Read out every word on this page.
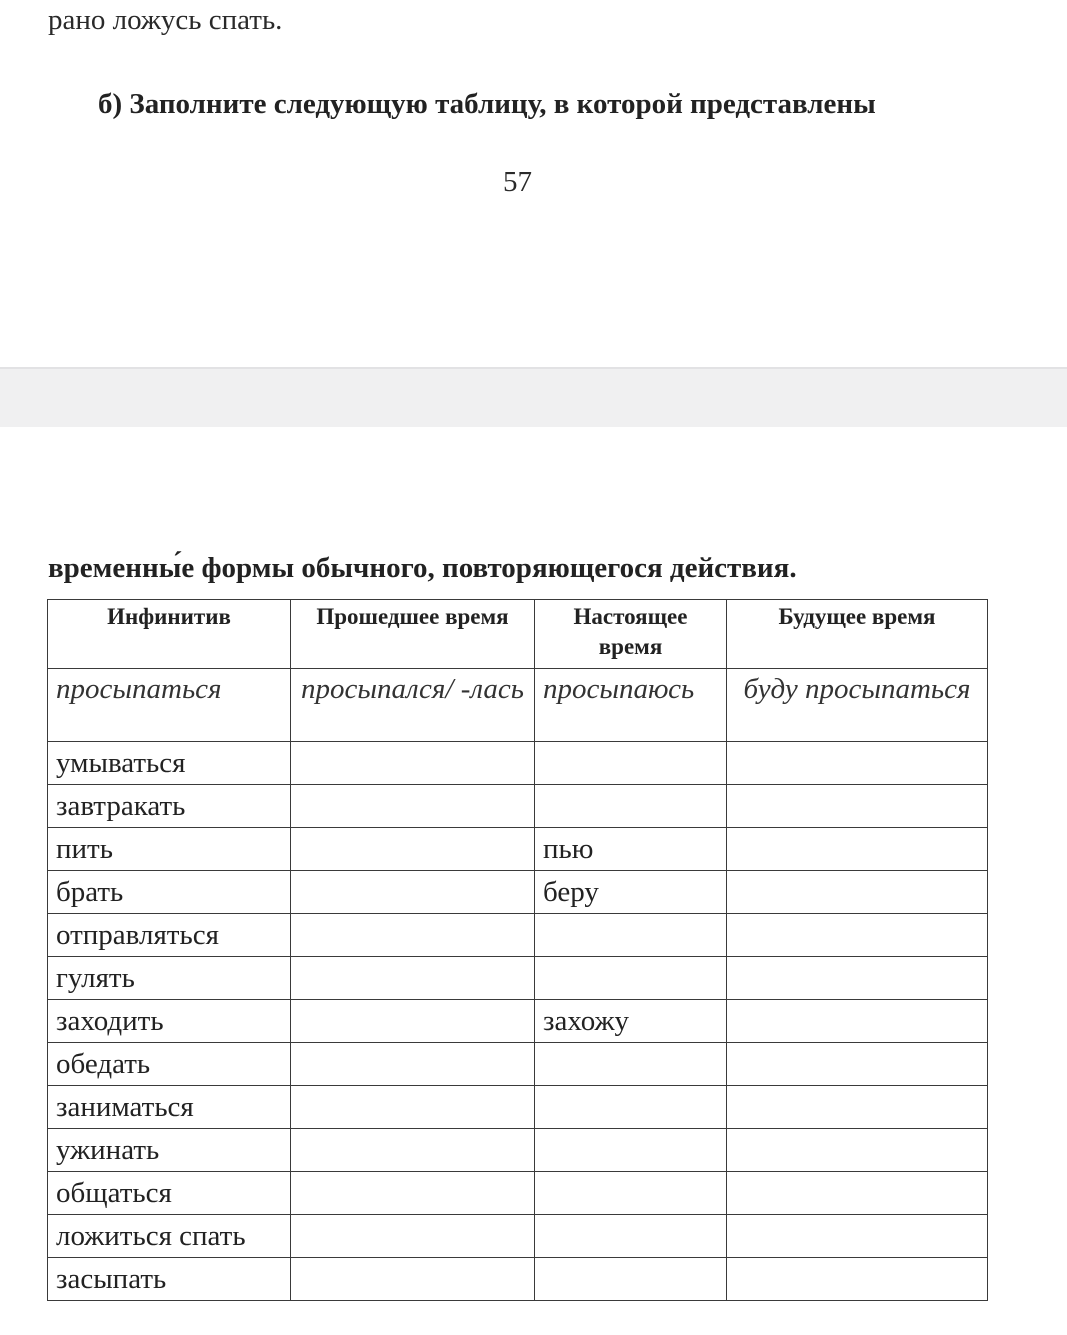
рано ложусь спать.
б) Заполните следующую таблицу, в которой представлены
57
временны́е формы обычного, повторяющегося действия.
Инфинитив	Прошедшее время	Настоящее время	Будущее время
просыпаться	просыпался/ -лась	просыпаюсь	буду просыпаться
умываться			
завтракать			
пить		пью	
брать		беру	
отправляться			
гулять			
заходить		захожу	
обедать			
заниматься			
ужинать			
общаться			
ложиться спать			
засыпать			
